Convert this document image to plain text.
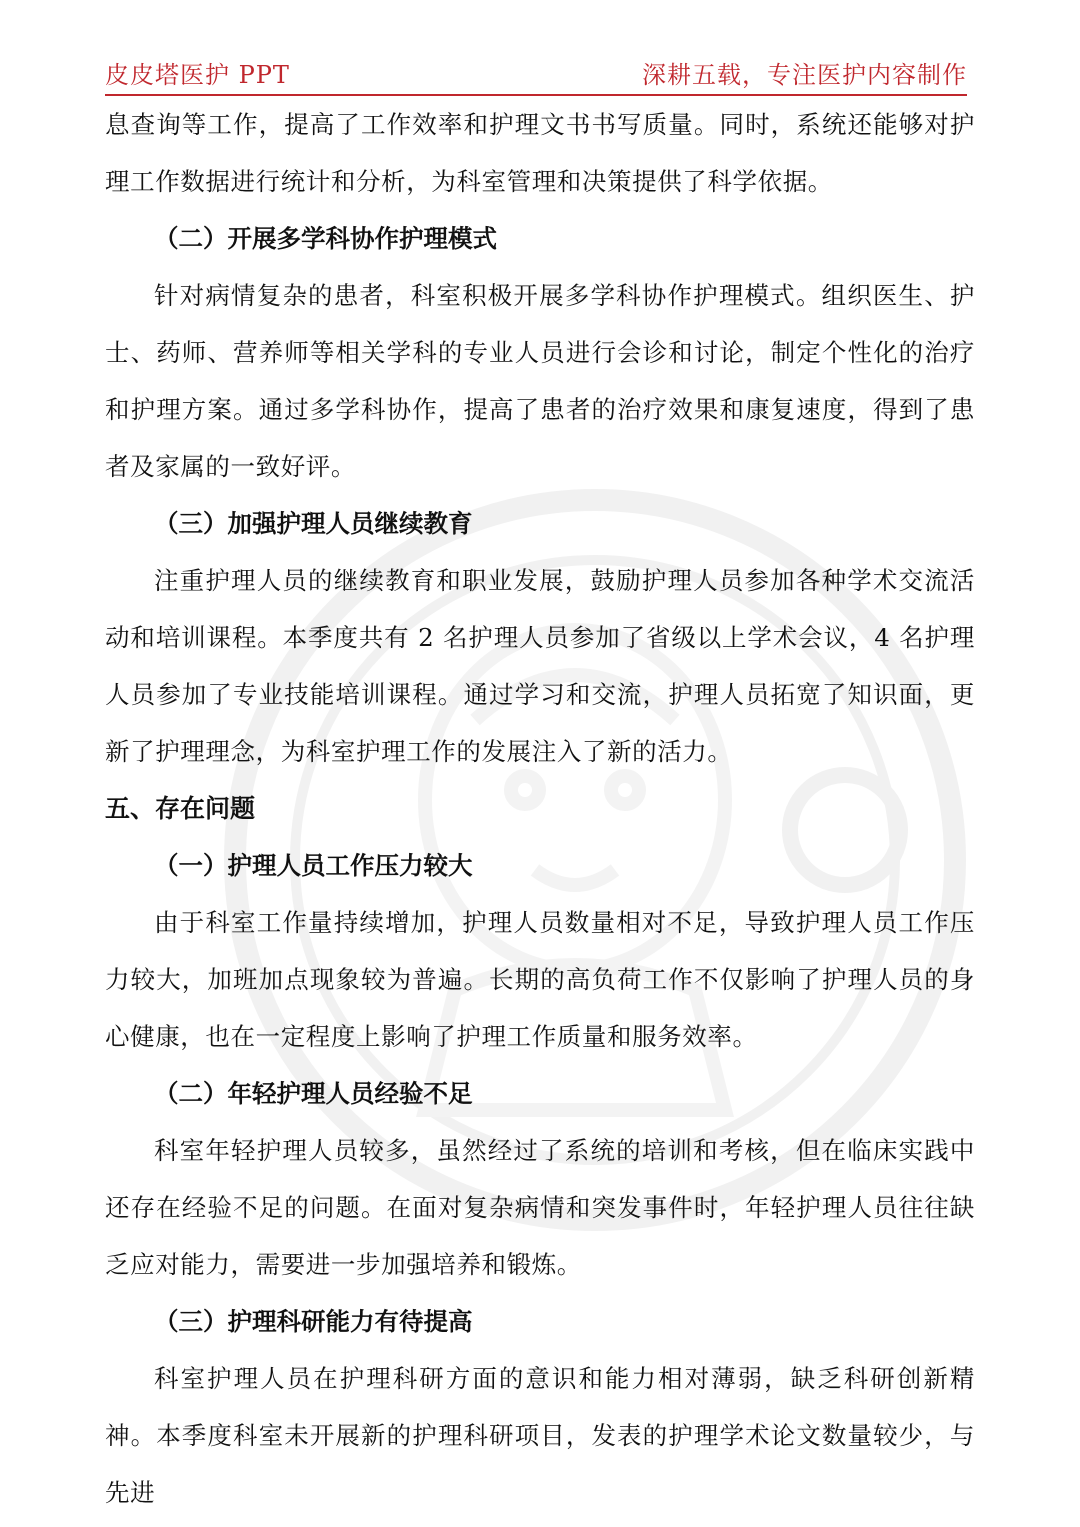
皮皮塔医护 PPT	深耕五载，专注医护内容制作
息查询等工作，提高了工作效率和护理文书书写质量。同时，系统还能够对护理工作数据进行统计和分析，为科室管理和决策提供了科学依据。
（二）开展多学科协作护理模式
针对病情复杂的患者，科室积极开展多学科协作护理模式。组织医生、护士、药师、营养师等相关学科的专业人员进行会诊和讨论，制定个性化的治疗和护理方案。通过多学科协作，提高了患者的治疗效果和康复速度，得到了患者及家属的一致好评。
（三）加强护理人员继续教育
注重护理人员的继续教育和职业发展，鼓励护理人员参加各种学术交流活动和培训课程。本季度共有 2 名护理人员参加了省级以上学术会议，4 名护理人员参加了专业技能培训课程。通过学习和交流，护理人员拓宽了知识面，更新了护理理念，为科室护理工作的发展注入了新的活力。
五、存在问题
（一）护理人员工作压力较大
由于科室工作量持续增加，护理人员数量相对不足，导致护理人员工作压力较大，加班加点现象较为普遍。长期的高负荷工作不仅影响了护理人员的身心健康，也在一定程度上影响了护理工作质量和服务效率。
（二）年轻护理人员经验不足
科室年轻护理人员较多，虽然经过了系统的培训和考核，但在临床实践中还存在经验不足的问题。在面对复杂病情和突发事件时，年轻护理人员往往缺乏应对能力，需要进一步加强培养和锻炼。
（三）护理科研能力有待提高
科室护理人员在护理科研方面的意识和能力相对薄弱，缺乏科研创新精神。本季度科室未开展新的护理科研项目，发表的护理学术论文数量较少，与先进
